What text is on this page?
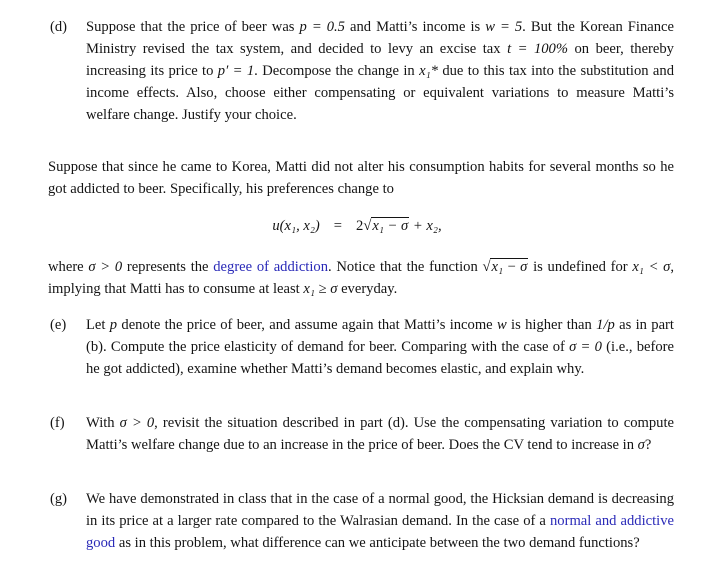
(d)	Suppose that the price of beer was p = 0.5 and Matti’s income is w = 5. But the Korean Finance Ministry revised the tax system, and decided to levy an excise tax t = 100% on beer, thereby increasing its price to p′ = 1. Decompose the change in x₁* due to this tax into the substitution and income effects. Also, choose either compensating or equivalent variations to measure Matti’s welfare change. Justify your choice.
Suppose that since he came to Korea, Matti did not alter his consumption habits for several months so he got addicted to beer. Specifically, his preferences change to
u(x₁, x₂) = 2√x₁ − σ + x₂,
where σ > 0 represents the degree of addiction. Notice that the function √x₁ − σ is undefined for x₁ < σ, implying that Matti has to consume at least x₁ ≥ σ everyday.
(e)	Let p denote the price of beer, and assume again that Matti’s income w is higher than 1/p as in part (b). Compute the price elasticity of demand for beer. Comparing with the case of σ = 0 (i.e., before he got addicted), examine whether Matti’s demand becomes elastic, and explain why.
(f)	With σ > 0, revisit the situation described in part (d). Use the compensating variation to compute Matti’s welfare change due to an increase in the price of beer. Does the CV tend to increase in σ?
(g)	We have demonstrated in class that in the case of a normal good, the Hicksian demand is decreasing in its price at a larger rate compared to the Walrasian demand. In the case of a normal and addictive good as in this problem, what difference can we anticipate between the two demand functions?
